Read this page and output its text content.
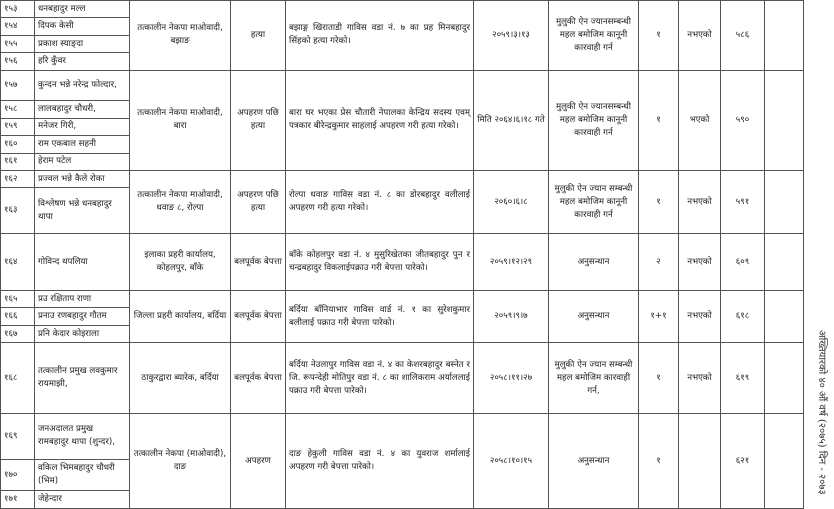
१५३	धनबहादुर मल्ल	तत्कालीन नेकपा माओवादी, बझाङ	हत्या	बझाङ्ग खिराताडी गाविस वडा नं. ७ का प्रह मिनबहादुर सिंहको हत्या गरेको।	२०५९।३।१३	मुलुकी ऐन ज्यानसम्बन्धी महल बमोजिम कानूनी कारवाही गर्न	१	नभएको	५८६	
१५४	दिपक केसी									
१५५	प्रकाश स्याङ्दा									
१५६	हरि कुँवर									
१५७	कुन्दन भन्ने नरेन्द्र फोल्दार,	तत्कालीन नेकपा माओवादी, बारा	अपहरण पछि हत्या	बारा घर भएका प्रेस चौतारी नेपालका केन्द्रिय सदस्य एवम् पत्रकार बीरेन्द्रकुमार साहलाई अपहरण गरी हत्या गरेको।	मिति २०६४।६।१८ गते	मुलुकी ऐन ज्यानसम्बन्धी महल बमोजिम कानूनी कारवाही गर्न	१	भएको	५९०	
१५८	लालबहादुर चौधरी,									
१५९	मनेजर गिरी,									
१६०	राम एकबाल सहनी									
१६१	हेराम पटेल									
१६२	प्रज्वल भन्ने कैले रोका	तत्कालीन नेकपा माओवादी, धवाङ ८, रोल्पा	अपहरण पछि हत्या	रोल्पा धवाङ गाविस वडा नं. ८ का डोरबहादुर वलीलाई अपहरण गरी हत्या गरेको।	२०६०।६।८	मुलुकी ऐन ज्यान सम्बन्धी महल बमोजिम कानूनी कारवाही गर्न	१	नभएको	५९१	
१६३	विश्लेषण भन्ने धनबहादुर थापा									
१६४	गोविन्द थपलिया	इलाका प्रहरी कार्यालय, कोहलपुर, बाँके	बलपूर्वक बेपत्ता	बाँके कोहलपुर वडा नं. ४ मुसुरिखेतका जीतबहादुर पुन र चन्द्रबहादुर विकलाईपक्राउ गरी बेपत्ता पारेको।	२०५९।१२।२९	अनुसन्धान	२	नभएको	६०९	
१६५	प्रउ रक्षिताप राणा	जिल्ला प्रहरी कार्यालय, बर्दिया	बलपूर्वक बेपत्ता	बर्दिया बाँनियाभार गाविस वार्ड नं. १ का सुरेशकुमार बलीलाई पक्राउ गरी बेपत्ता पारेको।	२०५९।९।७	अनुसन्धान	१+१	नभएको	६१८	
१६६	प्रनाउ रणबहादुर गौतम									
१६७	प्रनि केदार कोइराला									
१६८	तत्कालीन प्रमुख लवकुमार रायमाझी,	ठाकुरद्वारा ब्यारेक, बर्दिया	बलपूर्वक बेपत्ता	बर्दिया नेउलापुर गाविस वडा नं. ४ का केशरबहादुर बस्नेत र जि. रूपन्देही मोतिपुर वडा नं. ८ का शालिकराम अर्याललाई पक्राउ गरी बेपत्ता पारेको।	२०५८।११।२७	मुलुकी ऐन ज्यान सम्बन्धी महल बमोजिम कारवाही गर्न,	१	नभएको	६१९	
१६९	जनअदालत प्रमुख रामबहादुर थापा (शुन्दर),	तत्कालीन नेकपा (माओवादी), दाङ	अपहरण	दाङ हेकुली गाविस वडा नं. ४ का युवराज शर्मालाई अपहरण गरी बेपत्ता पारेको।	२०५८।१०।१५	अनुसन्धान	१		६२१	
१७०	वकिल भिमबहादुर चौधरी (भिम)									
१७१	जेहेन्दार									
अख्तियारको ४० औं वर्ष (२०७५) दिन - २०७३
